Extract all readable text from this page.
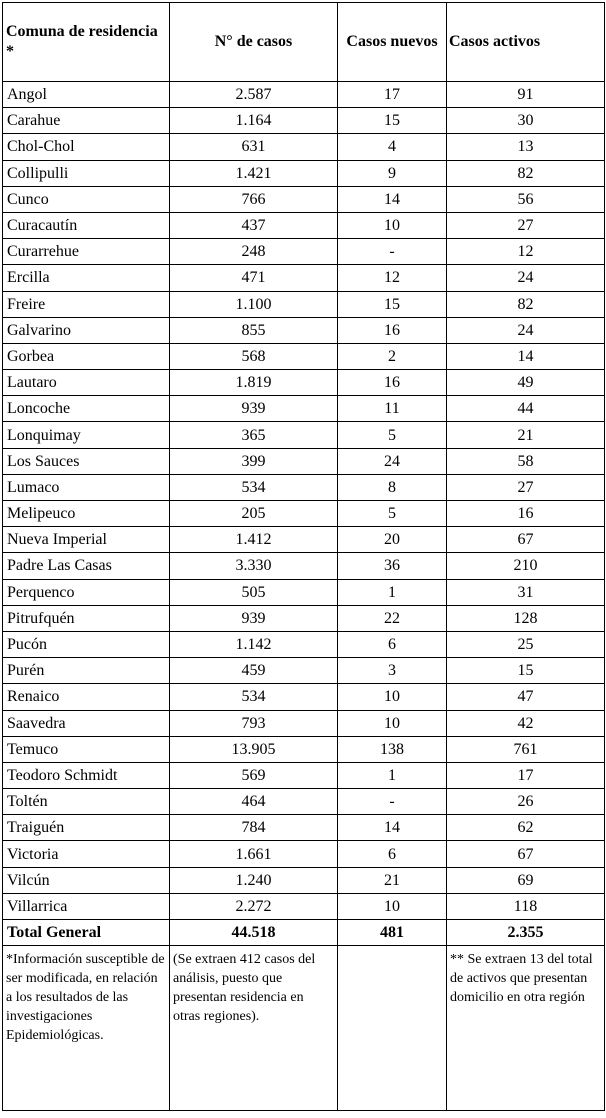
Comuna de residencia *	N° de casos	Casos nuevos	Casos activos
Angol	2.587	17	91
Carahue	1.164	15	30
Chol-Chol	631	4	13
Collipulli	1.421	9	82
Cunco	766	14	56
Curacautín	437	10	27
Curarrehue	248	-	12
Ercilla	471	12	24
Freire	1.100	15	82
Galvarino	855	16	24
Gorbea	568	2	14
Lautaro	1.819	16	49
Loncoche	939	11	44
Lonquimay	365	5	21
Los Sauces	399	24	58
Lumaco	534	8	27
Melipeuco	205	5	16
Nueva Imperial	1.412	20	67
Padre Las Casas	3.330	36	210
Perquenco	505	1	31
Pitrufquén	939	22	128
Pucón	1.142	6	25
Purén	459	3	15
Renaico	534	10	47
Saavedra	793	10	42
Temuco	13.905	138	761
Teodoro Schmidt	569	1	17
Toltén	464	-	26
Traiguén	784	14	62
Victoria	1.661	6	67
Vilcún	1.240	21	69
Villarrica	2.272	10	118
Total General	44.518	481	2.355
*Información susceptible de ser modificada, en relación a los resultados de las investigaciones Epidemiológicas.	(Se extraen 412 casos del análisis, puesto que presentan residencia en otras regiones).		** Se extraen 13 del total de activos que presentan domicilio en otra región
